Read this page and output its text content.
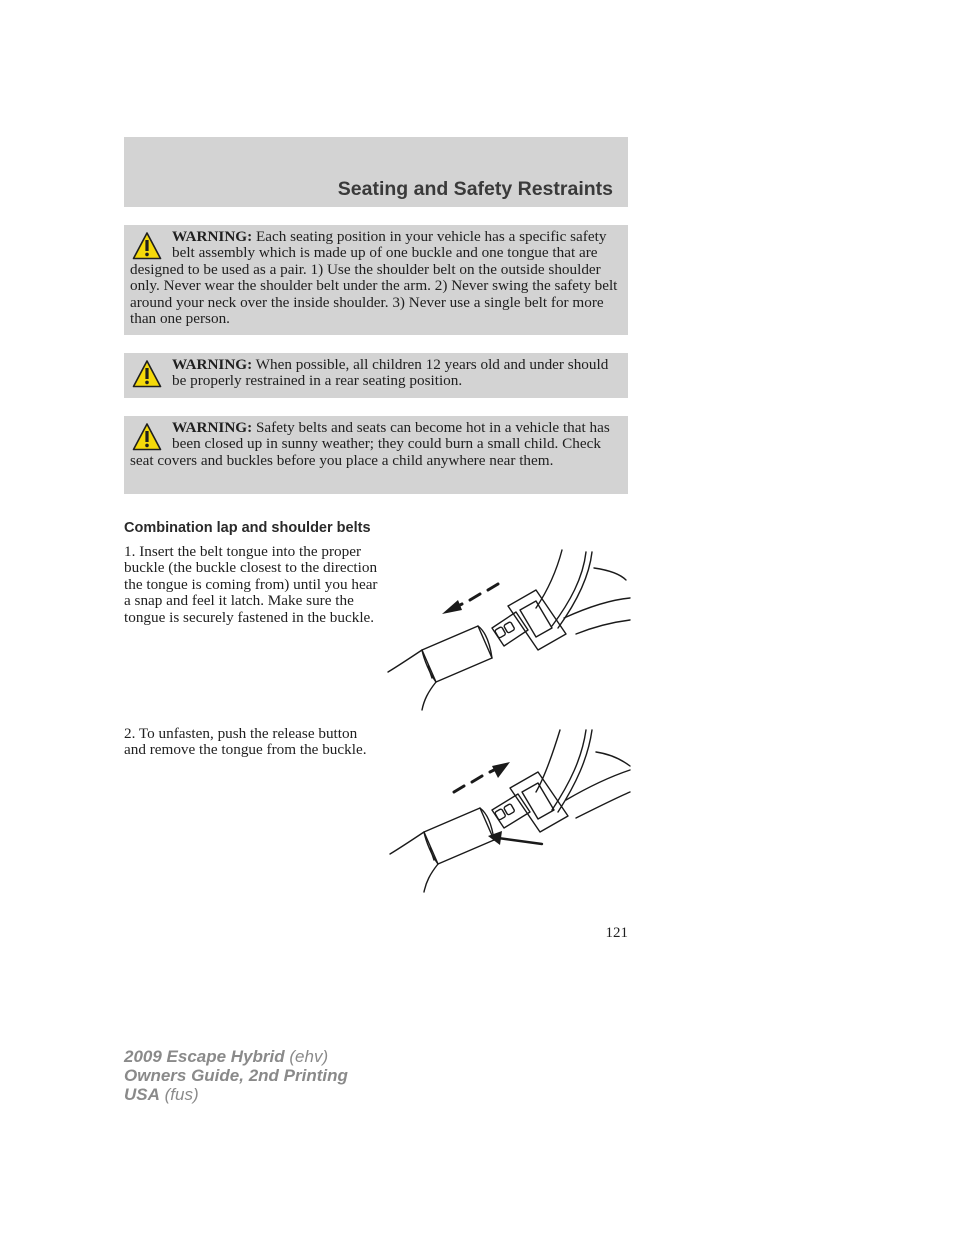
Seating and Safety Restraints
WARNING: Each seating position in your vehicle has a specific safety belt assembly which is made up of one buckle and one tongue that are designed to be used as a pair. 1) Use the shoulder belt on the outside shoulder only. Never wear the shoulder belt under the arm. 2) Never swing the safety belt around your neck over the inside shoulder. 3) Never use a single belt for more than one person.
WARNING: When possible, all children 12 years old and under should be properly restrained in a rear seating position.
WARNING: Safety belts and seats can become hot in a vehicle that has been closed up in sunny weather; they could burn a small child. Check seat covers and buckles before you place a child anywhere near them.
Combination lap and shoulder belts
1. Insert the belt tongue into the proper buckle (the buckle closest to the direction the tongue is coming from) until you hear a snap and feel it latch. Make sure the tongue is securely fastened in the buckle.
2. To unfasten, push the release button and remove the tongue from the buckle.
121
2009 Escape Hybrid (ehv)
Owners Guide, 2nd Printing
USA (fus)
